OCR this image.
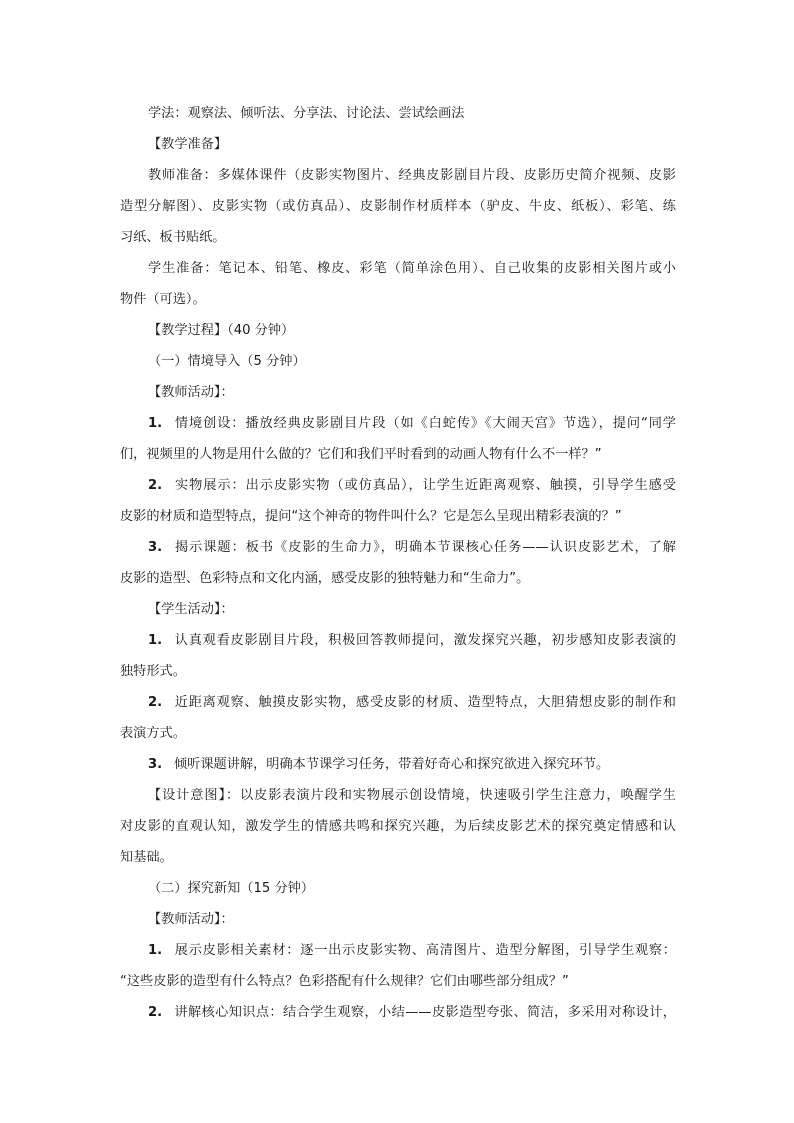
学法：观察法、倾听法、分享法、讨论法、尝试绘画法
【教学准备】
教师准备：多媒体课件（皮影实物图片、经典皮影剧目片段、皮影历史简介视频、皮影
造型分解图）、皮影实物（或仿真品）、皮影制作材质样本（驴皮、牛皮、纸板）、彩笔、练
习纸、板书贴纸。
学生准备：笔记本、铅笔、橡皮、彩笔（简单涂色用）、自己收集的皮影相关图片或小
物件（可选）。
【教学过程】（40 分钟）
（一）情境导入（5 分钟）
【教师活动】：
1. 情境创设：播放经典皮影剧目片段（如《白蛇传》《大闹天宫》节选），提问“同学
们，视频里的人物是用什么做的？它们和我们平时看到的动画人物有什么不一样？”
2. 实物展示：出示皮影实物（或仿真品），让学生近距离观察、触摸，引导学生感受
皮影的材质和造型特点，提问“这个神奇的物件叫什么？它是怎么呈现出精彩表演的？”
3. 揭示课题：板书《皮影的生命力》，明确本节课核心任务——认识皮影艺术，了解
皮影的造型、色彩特点和文化内涵，感受皮影的独特魅力和“生命力”。
【学生活动】：
1. 认真观看皮影剧目片段，积极回答教师提问，激发探究兴趣，初步感知皮影表演的
独特形式。
2. 近距离观察、触摸皮影实物，感受皮影的材质、造型特点，大胆猜想皮影的制作和
表演方式。
3. 倾听课题讲解，明确本节课学习任务，带着好奇心和探究欲进入探究环节。
【设计意图】：以皮影表演片段和实物展示创设情境，快速吸引学生注意力，唤醒学生
对皮影的直观认知，激发学生的情感共鸣和探究兴趣，为后续皮影艺术的探究奠定情感和认
知基础。
（二）探究新知（15 分钟）
【教师活动】：
1. 展示皮影相关素材：逐一出示皮影实物、高清图片、造型分解图，引导学生观察：
“这些皮影的造型有什么特点？色彩搭配有什么规律？它们由哪些部分组成？”
2. 讲解核心知识点：结合学生观察，小结——皮影造型夸张、简洁，多采用对称设计，
